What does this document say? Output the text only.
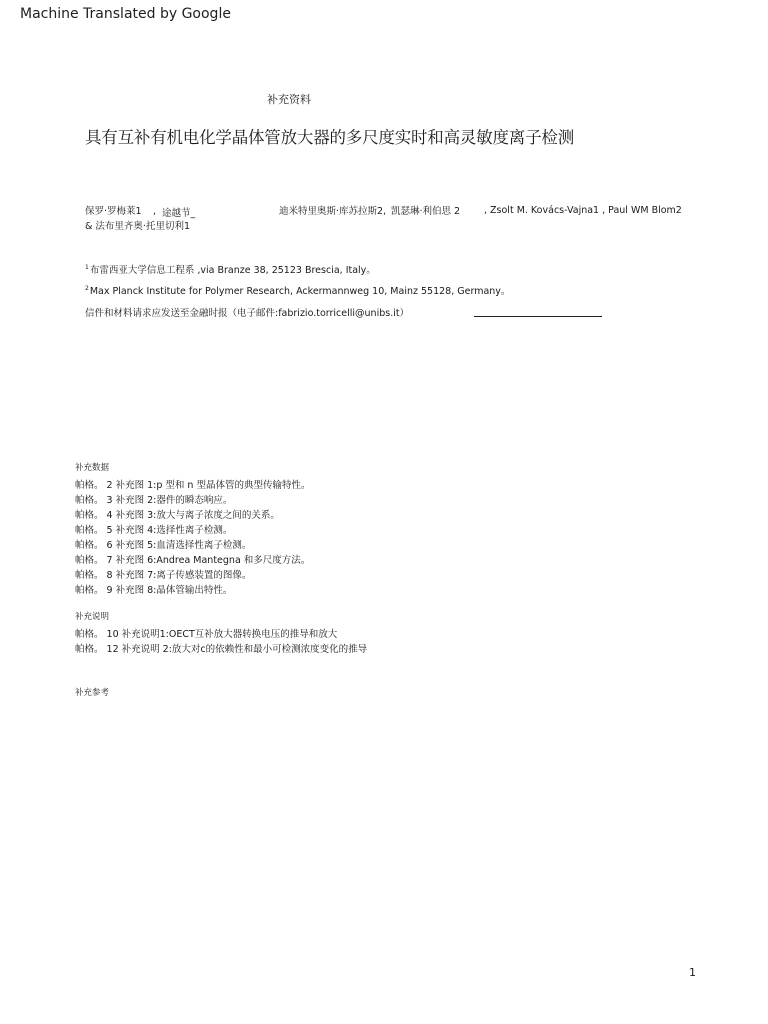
Machine Translated by Google
补充资料
具有互补有机电化学晶体管放大器的多尺度实时和高灵敏度离子检测
保罗·罗梅莱1 , 途越节_	迪米特里奥斯·库苏拉斯2 , 凯瑟琳·利伯思 2	, Zsolt M. Kovács-Vajna1 , Paul WM Blom2
& 法布里齐奥·托里切利1
$^1$布雷西亚大学信息工程系 ,via Branze 38, 25123 Brescia, Italy。
$^2$Max Planck Institute for Polymer Research, Ackermannweg 10, Mainz 55128, Germany。
信件和材料请求应发送至金融时报（电子邮件:fabrizio.torricelli@unibs.it）
补充数据
帕格。 2 补充图 1:p 型和 n 型晶体管的典型传输特性。
帕格。 3 补充图 2:器件的瞬态响应。
帕格。 4 补充图 3:放大与离子浓度之间的关系。
帕格。 5 补充图 4:选择性离子检测。
帕格。 6 补充图 5:血清选择性离子检测。
帕格。 7 补充图 6:Andrea Mantegna 和多尺度方法。
帕格。 8 补充图 7:离子传感装置的图像。
帕格。 9 补充图 8:晶体管输出特性。
补充说明
帕格。 10 补充说明1:OECT互补放大器转换电压的推导和放大
帕格。 12 补充说明 2:放大对c的依赖性和最小可检测浓度变化的推导
补充参考
1
